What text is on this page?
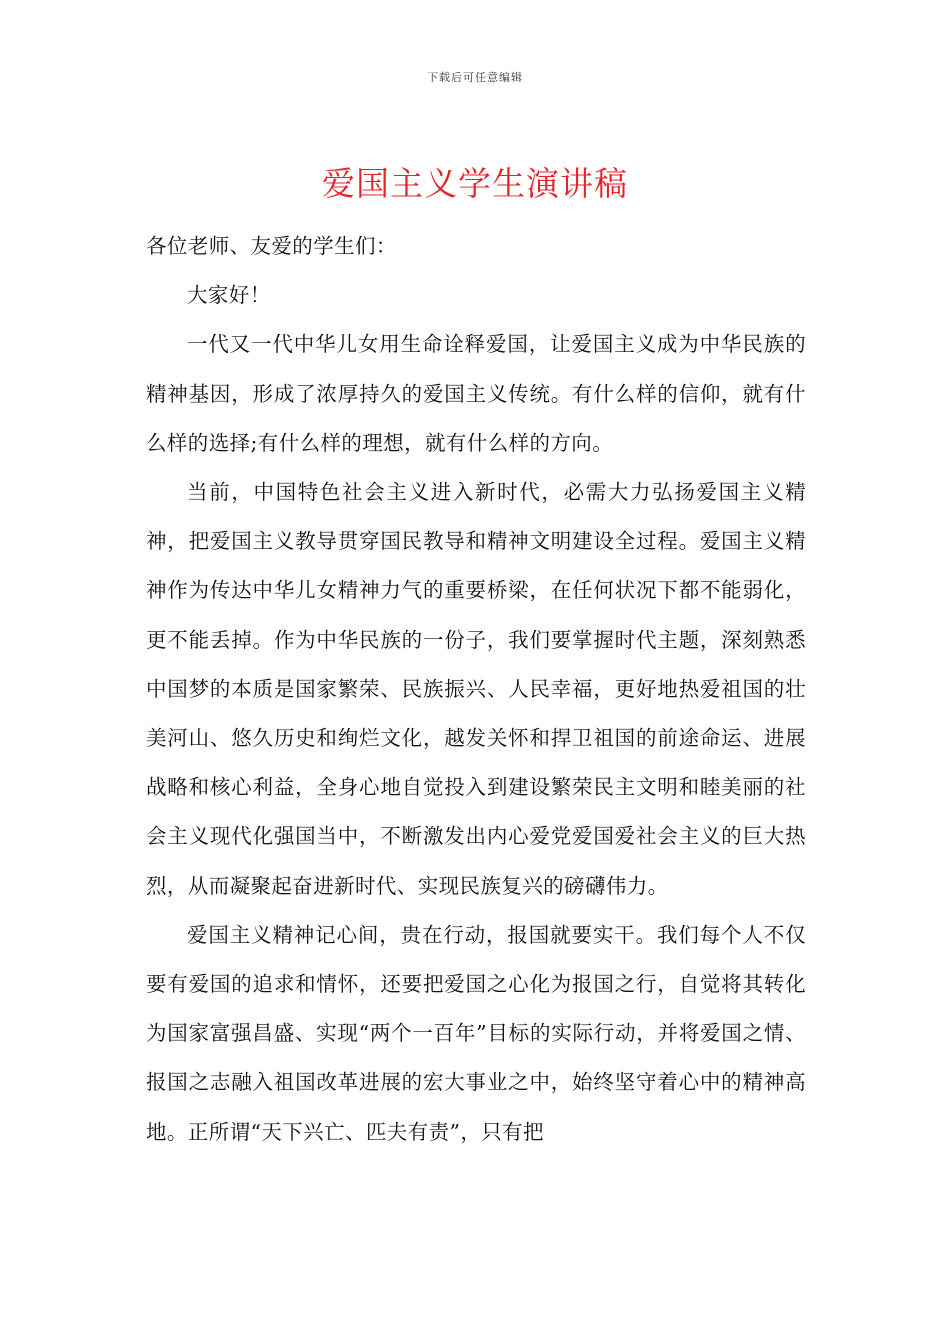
下载后可任意编辑
爱国主义学生演讲稿

各位老师、友爱的学生们：

大家好！

一代又一代中华儿女用生命诠释爱国，让爱国主义成为中华民族的精神基因，形成了浓厚持久的爱国主义传统。有什么样的信仰，就有什么样的选择;有什么样的理想，就有什么样的方向。

当前，中国特色社会主义进入新时代，必需大力弘扬爱国主义精神，把爱国主义教导贯穿国民教导和精神文明建设全过程。爱国主义精神作为传达中华儿女精神力气的重要桥梁，在任何状况下都不能弱化，更不能丢掉。作为中华民族的一份子，我们要掌握时代主题，深刻熟悉中国梦的本质是国家繁荣、民族振兴、人民幸福，更好地热爱祖国的壮美河山、悠久历史和绚烂文化，越发关怀和捍卫祖国的前途命运、进展战略和核心利益，全身心地自觉投入到建设繁荣民主文明和睦美丽的社会主义现代化强国当中，不断激发出内心爱党爱国爱社会主义的巨大热烈，从而凝聚起奋进新时代、实现民族复兴的磅礴伟力。

爱国主义精神记心间，贵在行动，报国就要实干。我们每个人不仅要有爱国的追求和情怀，还要把爱国之心化为报国之行，自觉将其转化为国家富强昌盛、实现“两个一百年”目标的实际行动，并将爱国之情、报国之志融入祖国改革进展的宏大事业之中，始终坚守着心中的精神高地。正所谓“天下兴亡、匹夫有责”，只有把
